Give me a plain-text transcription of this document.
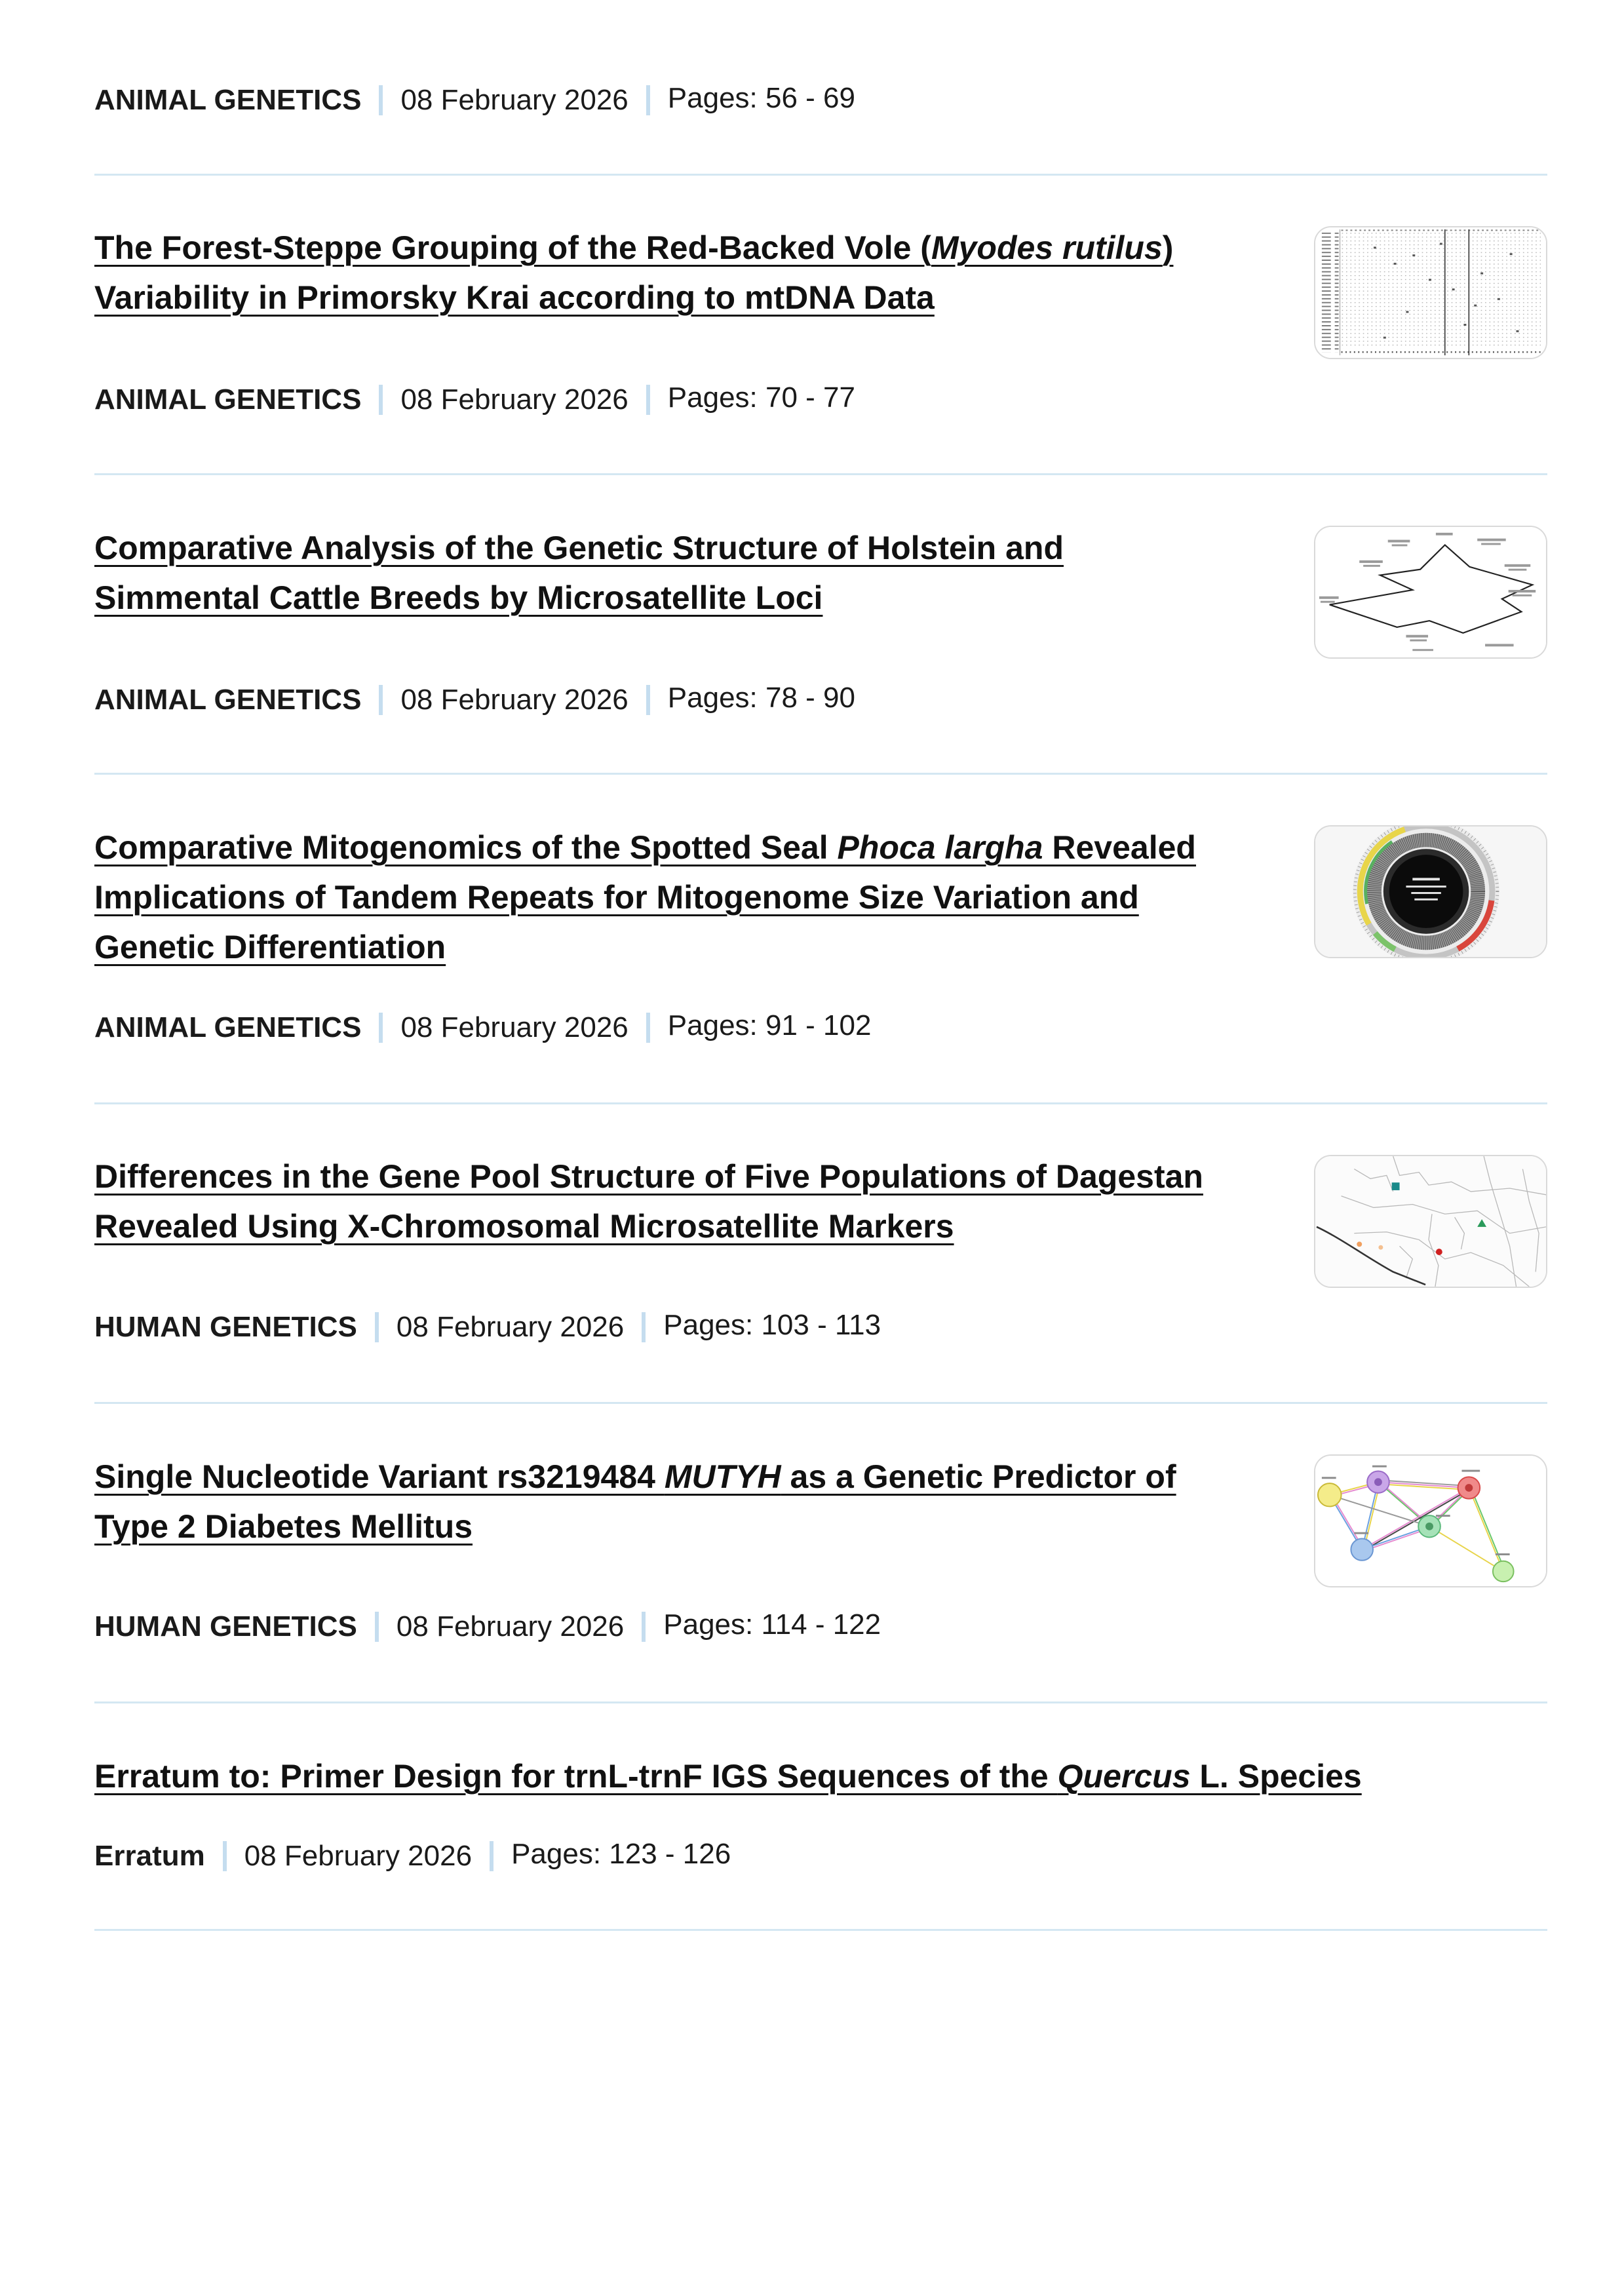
ANIMAL GENETICS 08 February 2026 Pages: 56 - 69
The Forest-Steppe Grouping of the Red-Backed Vole (Myodes rutilus)
Variability in Primorsky Krai according to mtDNA Data
ANIMAL GENETICS 08 February 2026 Pages: 70 - 77
Comparative Analysis of the Genetic Structure of Holstein and
Simmental Cattle Breeds by Microsatellite Loci
ANIMAL GENETICS 08 February 2026 Pages: 78 - 90
Comparative Mitogenomics of the Spotted Seal Phoca largha Revealed
Implications of Tandem Repeats for Mitogenome Size Variation and
Genetic Differentiation
ANIMAL GENETICS 08 February 2026 Pages: 91 - 102
Differences in the Gene Pool Structure of Five Populations of Dagestan
Revealed Using X-Chromosomal Microsatellite Markers
HUMAN GENETICS 08 February 2026 Pages: 103 - 113
Single Nucleotide Variant rs3219484 MUTYH as a Genetic Predictor of
Type 2 Diabetes Mellitus
HUMAN GENETICS 08 February 2026 Pages: 114 - 122
Erratum to: Primer Design for trnL-trnF IGS Sequences of the Quercus L. Species
Erratum 08 February 2026 Pages: 123 - 126
